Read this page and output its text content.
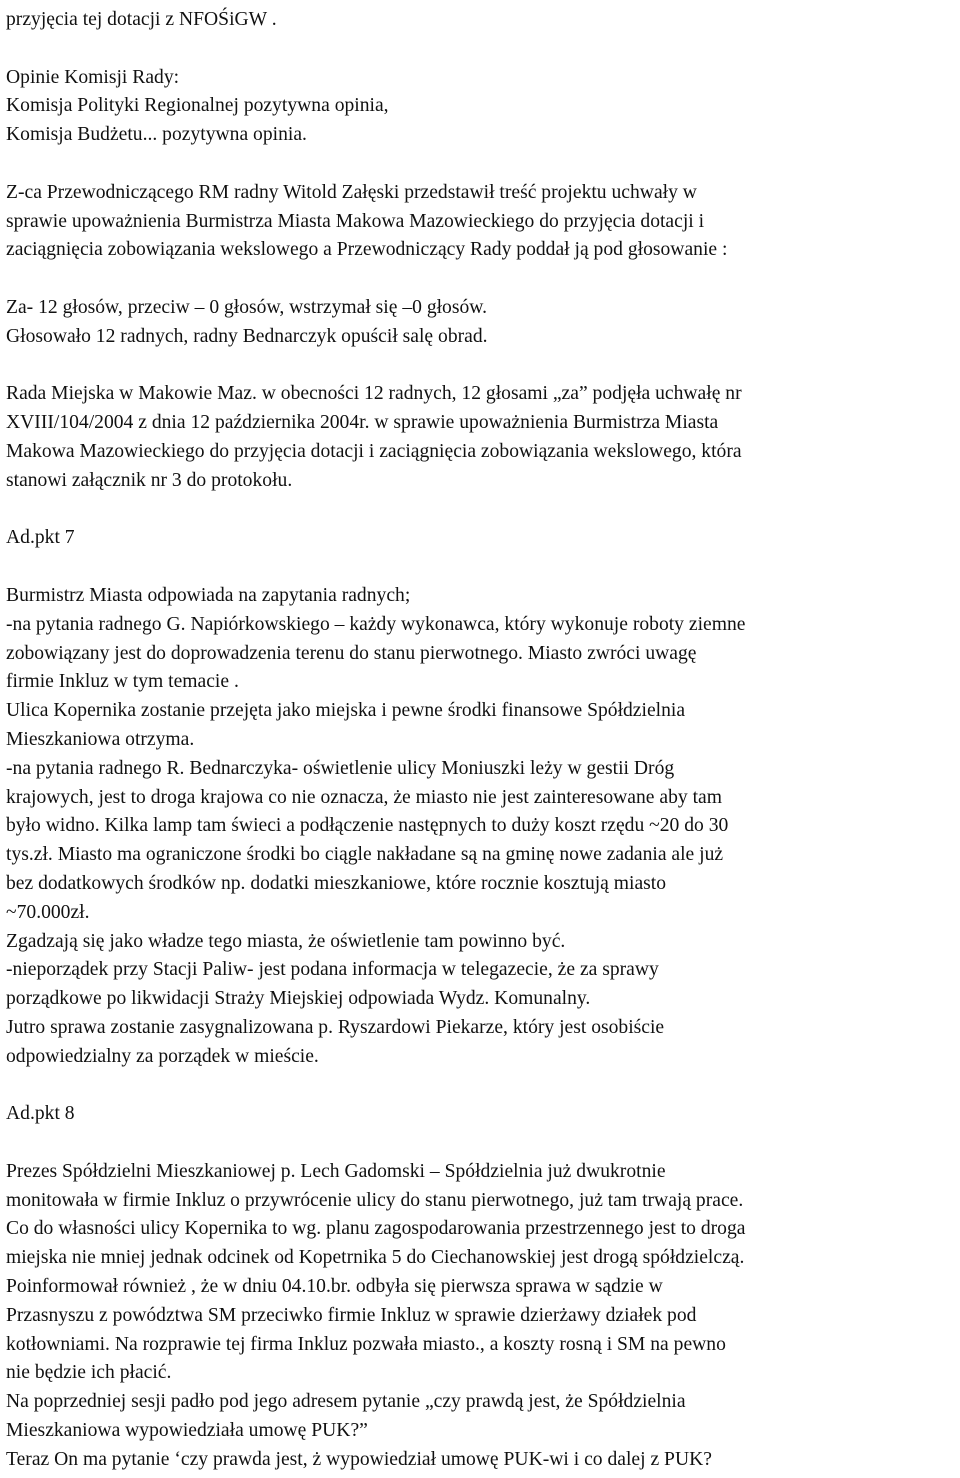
przyjęcia tej dotacji z NFOŚiGW .
Opinie Komisji Rady:
Komisja Polityki Regionalnej pozytywna opinia,
Komisja Budżetu... pozytywna opinia.
Z-ca Przewodniczącego RM radny Witold Załęski przedstawił treść projektu uchwały w
sprawie upoważnienia Burmistrza Miasta Makowa Mazowieckiego do przyjęcia dotacji i
zaciągnięcia zobowiązania wekslowego a Przewodniczący Rady poddał ją pod głosowanie :
Za- 12 głosów, przeciw – 0 głosów, wstrzymał się –0 głosów.
Głosowało 12 radnych, radny Bednarczyk opuścił salę obrad.
Rada Miejska w Makowie Maz. w obecności 12 radnych, 12 głosami „za” podjęła uchwałę nr
XVIII/104/2004 z dnia 12 października 2004r. w sprawie upoważnienia Burmistrza Miasta
Makowa Mazowieckiego do przyjęcia dotacji i zaciągnięcia zobowiązania wekslowego, która
stanowi załącznik nr 3 do protokołu.
Ad.pkt 7
Burmistrz Miasta odpowiada na zapytania radnych;
-na pytania radnego G. Napiórkowskiego – każdy wykonawca, który wykonuje roboty ziemne
zobowiązany jest do doprowadzenia terenu do stanu pierwotnego. Miasto zwróci uwagę
firmie Inkluz w tym temacie .
Ulica Kopernika zostanie przejęta jako miejska i pewne środki finansowe Spółdzielnia
Mieszkaniowa otrzyma.
-na pytania radnego R. Bednarczyka- oświetlenie ulicy Moniuszki leży w gestii Dróg
krajowych, jest to droga krajowa co nie oznacza, że miasto nie jest zainteresowane aby tam
było widno. Kilka lamp tam świeci a podłączenie następnych to duży koszt rzędu ~20 do 30
tys.zł. Miasto ma ograniczone środki bo ciągle nakładane są na gminę nowe zadania ale już
bez dodatkowych środków np. dodatki mieszkaniowe, które rocznie kosztują miasto
~70.000zł.
Zgadzają się jako władze tego miasta, że oświetlenie tam powinno być.
-nieporządek przy Stacji Paliw- jest podana informacja w telegazecie, że za sprawy
porządkowe po likwidacji Straży Miejskiej odpowiada Wydz. Komunalny.
Jutro sprawa zostanie zasygnalizowana p. Ryszardowi Piekarze, który jest osobiście
odpowiedzialny za porządek w mieście.
Ad.pkt 8
Prezes Spółdzielni Mieszkaniowej p. Lech Gadomski – Spółdzielnia już dwukrotnie
monitowała w firmie Inkluz o przywrócenie ulicy do stanu pierwotnego, już tam trwają prace.
Co do własności ulicy Kopernika to wg. planu zagospodarowania przestrzennego jest to droga
miejska nie mniej jednak odcinek od Kopetrnika 5 do Ciechanowskiej jest drogą spółdzielczą.
Poinformował również , że w dniu 04.10.br. odbyła się pierwsza sprawa w sądzie w
Przasnyszu z powództwa SM przeciwko firmie Inkluz w sprawie dzierżawy działek pod
kotłowniami. Na rozprawie tej firma Inkluz pozwała miasto., a koszty rosną i SM na pewno
nie będzie ich płacić.
Na poprzedniej sesji padło pod jego adresem pytanie „czy prawdą jest, że Spółdzielnia
Mieszkaniowa wypowiedziała umowę PUK?”
Teraz On ma pytanie ‘czy prawda jest, ż wypowiedział umowę PUK-wi i co dalej z PUK?
